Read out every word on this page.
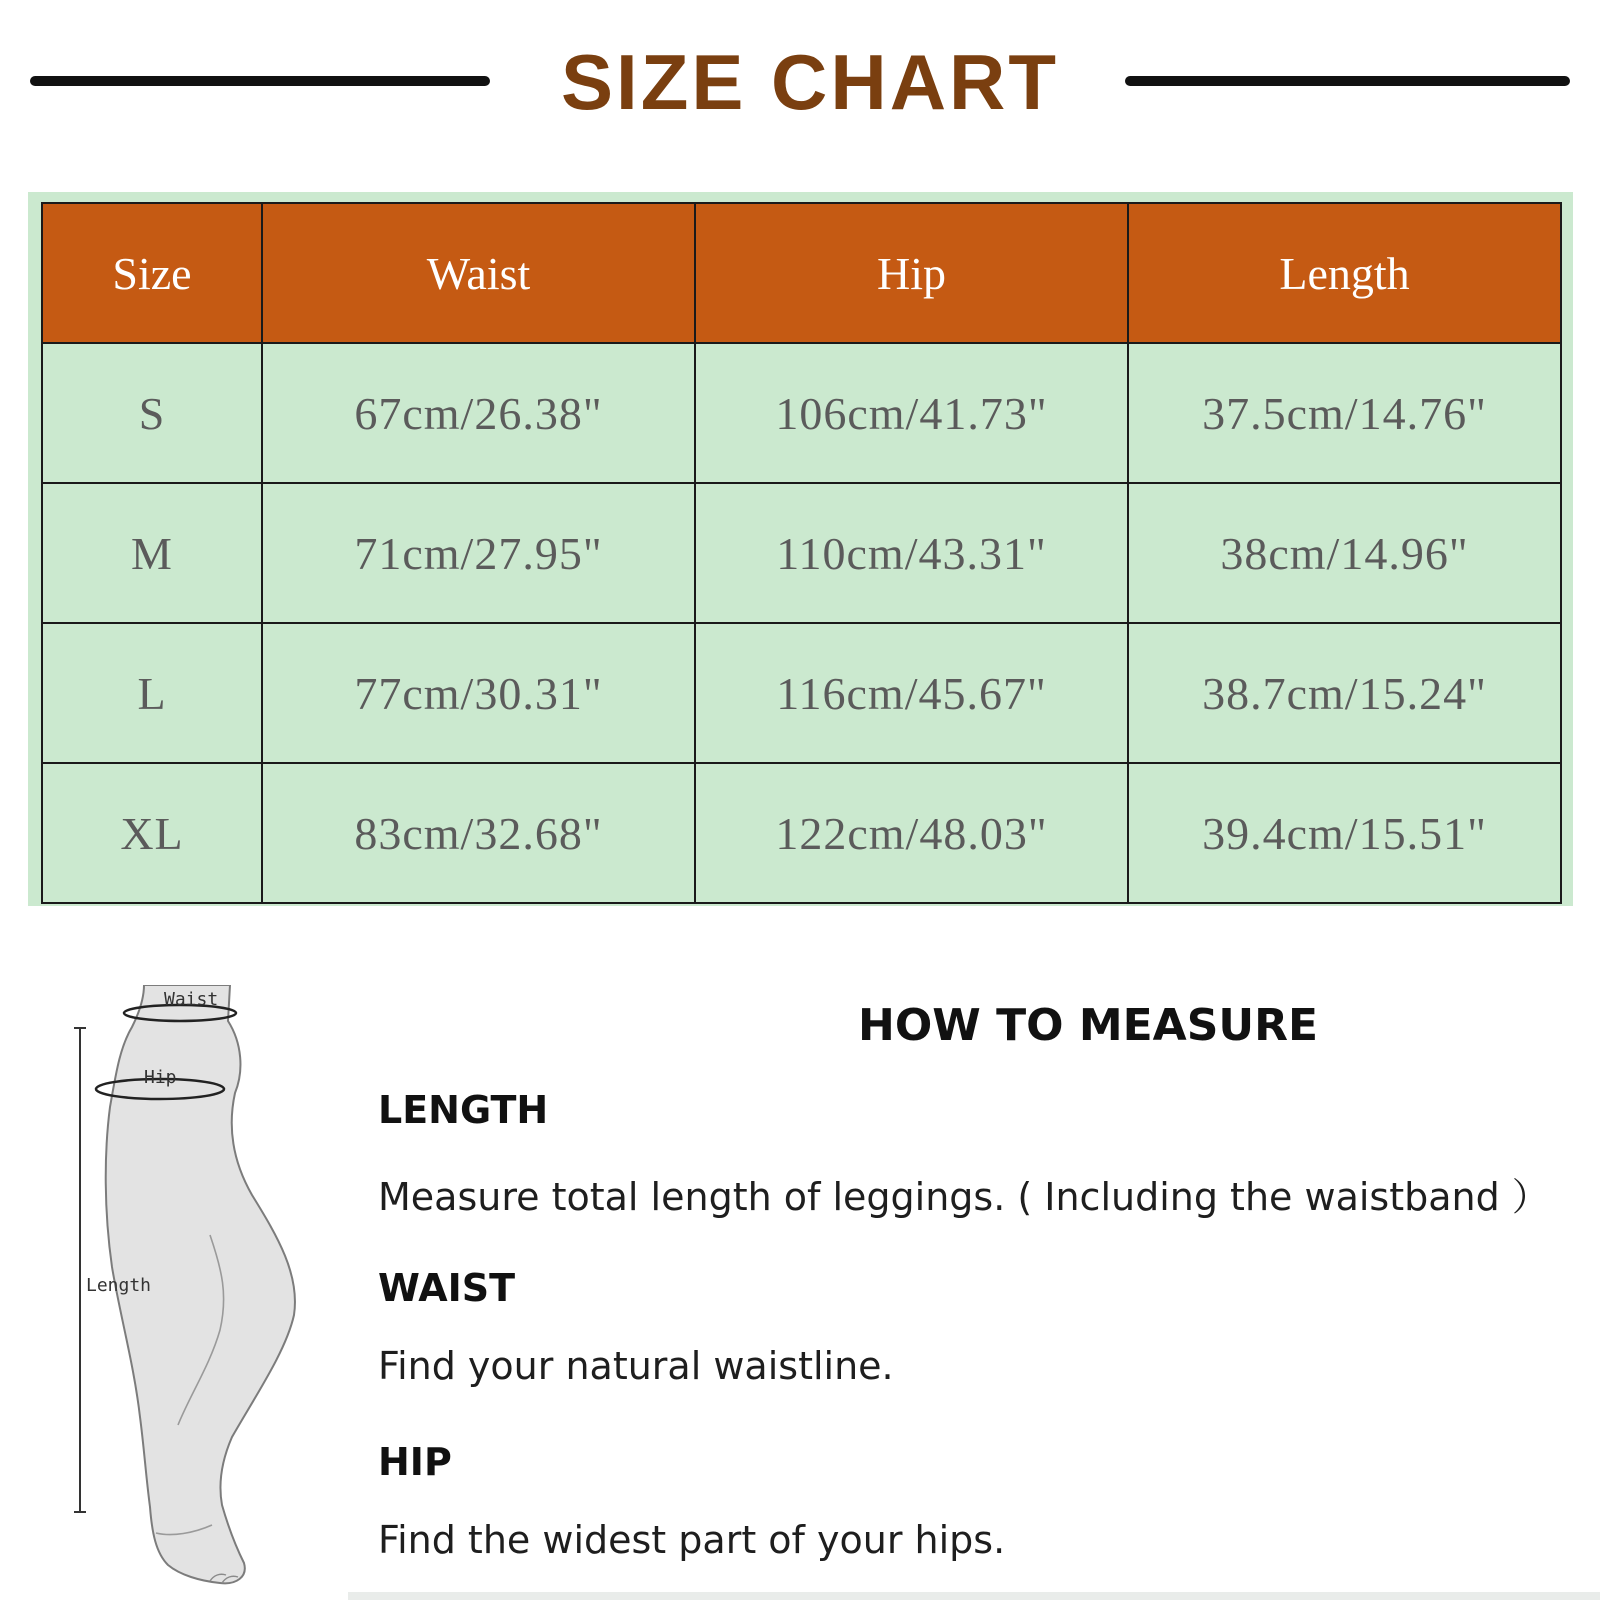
SIZE CHART
Size	Waist	Hip	Length
S	67cm/26.38"	106cm/41.73"	37.5cm/14.76"
M	71cm/27.95"	110cm/43.31"	38cm/14.96"
L	77cm/30.31"	116cm/45.67"	38.7cm/15.24"
XL	83cm/32.68"	122cm/48.03"	39.4cm/15.51"
Waist
Hip
Length
HOW TO MEASURE
LENGTH
Measure total length of leggings. ( Including the waistband ）
WAIST
Find your natural waistline.
HIP
Find the widest part of your hips.
